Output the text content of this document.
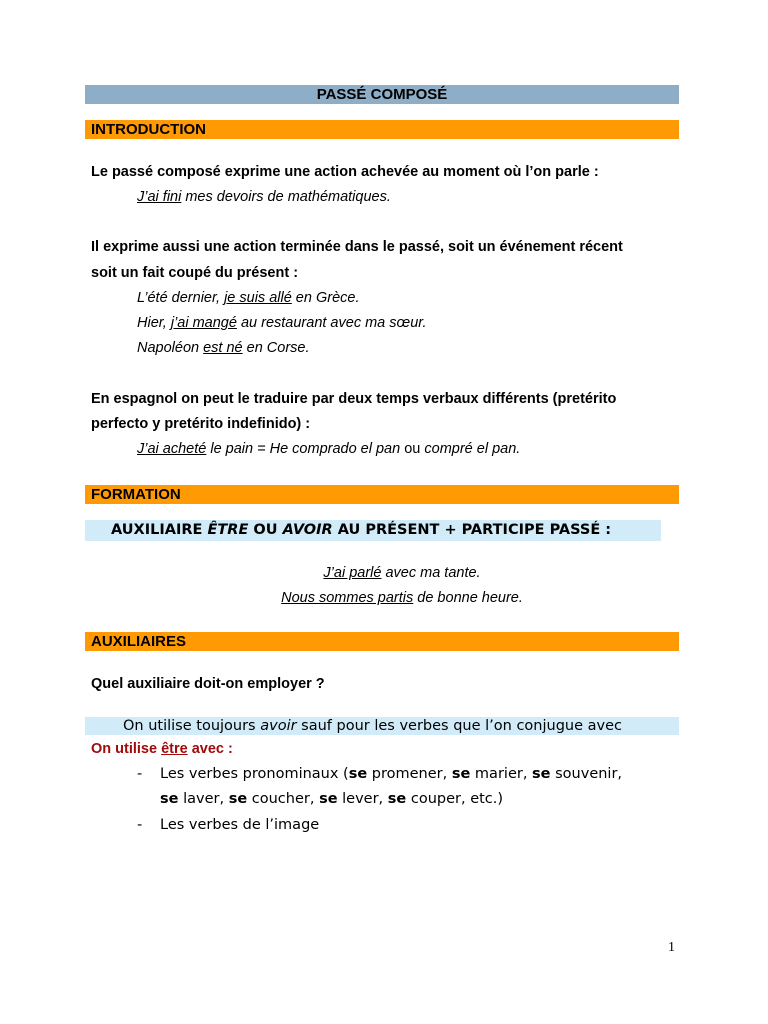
PASSÉ COMPOSÉ
INTRODUCTION
Le passé composé exprime une action achevée au moment où l’on parle :
J’ai fini mes devoirs de mathématiques.
Il exprime aussi une action terminée dans le passé, soit un événement récent
soit un fait coupé du présent :
L’été dernier, je suis allé en Grèce.
Hier, j’ai mangé au restaurant avec ma sœur.
Napoléon est né en Corse.
En espagnol on peut le traduire par deux temps verbaux différents (pretérito
perfecto y pretérito indefinido) :
J’ai acheté le pain = He comprado el pan ou compré el pan.
FORMATION
AUXILIAIRE ÊTRE OU AVOIR AU PRÉSENT + PARTICIPE PASSÉ :
J’ai parlé avec ma tante.
Nous sommes partis de bonne heure.
AUXILIAIRES
Quel auxiliaire doit-on employer ?
On utilise toujours avoir sauf pour les verbes que l’on conjugue avec
On utilise être avec :
- Les verbes pronominaux (se promener, se marier, se souvenir,
se laver, se coucher, se lever, se couper, etc.)
- Les verbes de l’image
1
